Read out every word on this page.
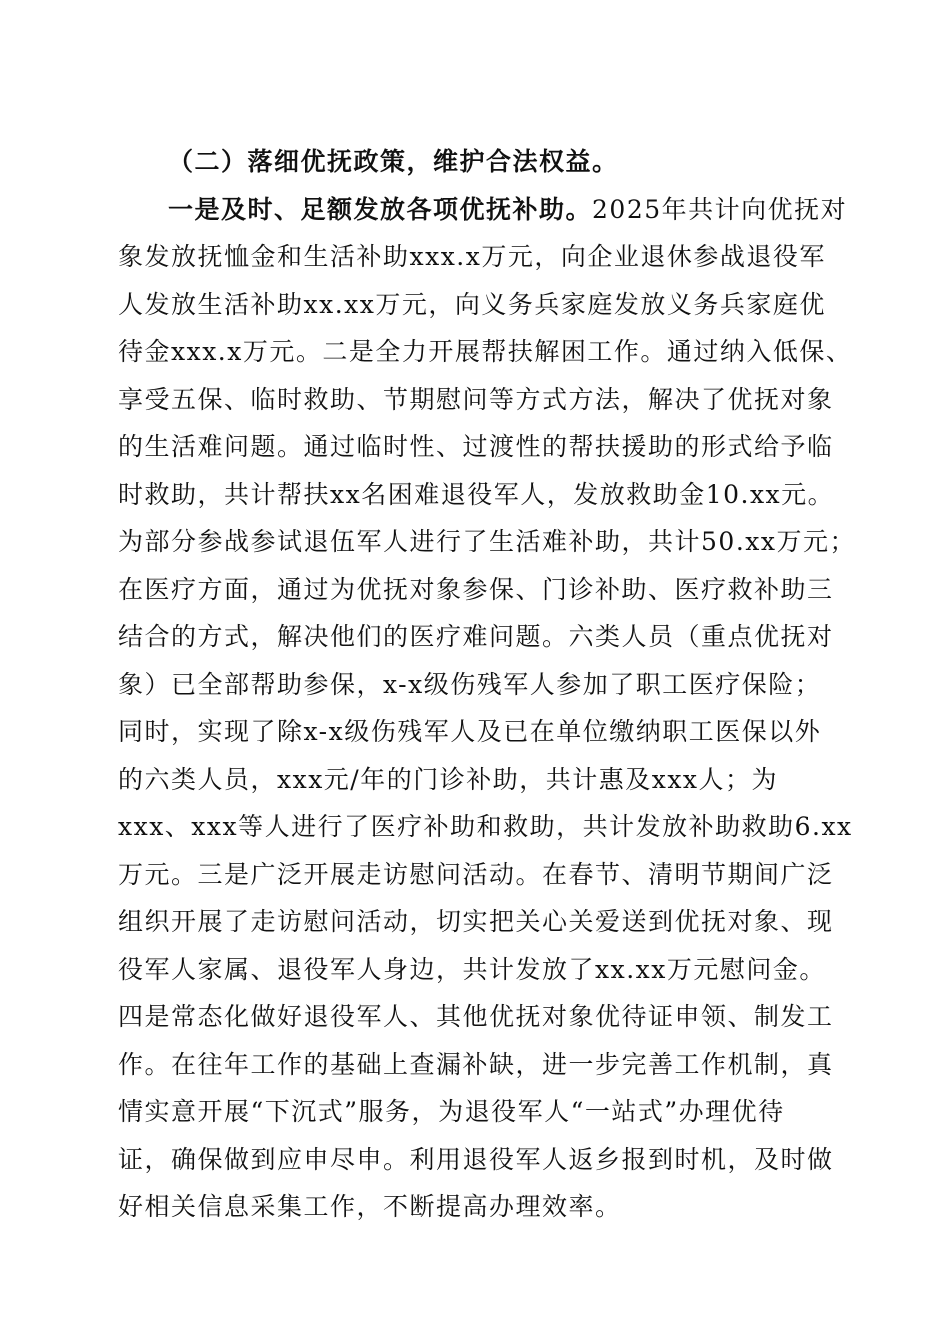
（二）落细优抚政策，维护合法权益。
一是及时、足额发放各项优抚补助。2025年共计向优抚对
象发放抚恤金和生活补助xxx.x万元，向企业退休参战退役军
人发放生活补助xx.xx万元，向义务兵家庭发放义务兵家庭优
待金xxx.x万元。二是全力开展帮扶解困工作。通过纳入低保、
享受五保、临时救助、节期慰问等方式方法，解决了优抚对象
的生活难问题。通过临时性、过渡性的帮扶援助的形式给予临
时救助，共计帮扶xx名困难退役军人，发放救助金10.xx元。
为部分参战参试退伍军人进行了生活难补助，共计50.xx万元；
在医疗方面，通过为优抚对象参保、门诊补助、医疗救补助三
结合的方式，解决他们的医疗难问题。六类人员（重点优抚对
象）已全部帮助参保，x-x级伤残军人参加了职工医疗保险；
同时，实现了除x-x级伤残军人及已在单位缴纳职工医保以外
的六类人员，xxx元/年的门诊补助，共计惠及xxx人；为
xxx、xxx等人进行了医疗补助和救助，共计发放补助救助6.xx
万元。三是广泛开展走访慰问活动。在春节、清明节期间广泛
组织开展了走访慰问活动，切实把关心关爱送到优抚对象、现
役军人家属、退役军人身边，共计发放了xx.xx万元慰问金。
四是常态化做好退役军人、其他优抚对象优待证申领、制发工
作。在往年工作的基础上查漏补缺，进一步完善工作机制，真
情实意开展“下沉式”服务，为退役军人“一站式”办理优待
证，确保做到应申尽申。利用退役军人返乡报到时机，及时做
好相关信息采集工作，不断提高办理效率。
